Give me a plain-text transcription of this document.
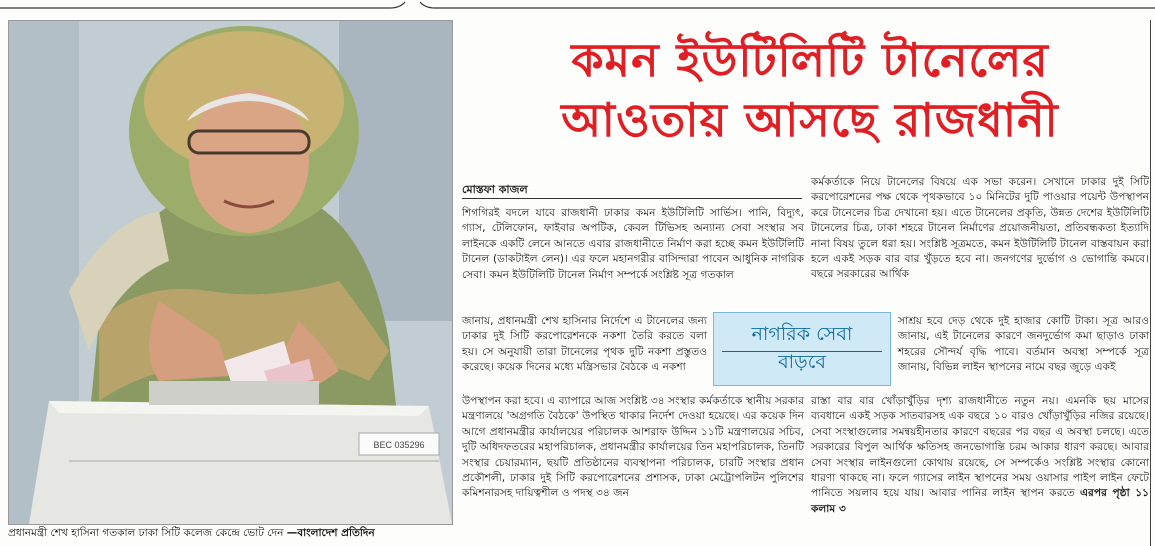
BEC 035296
প্রধানমন্ত্রী শেখ হাসিনা গতকাল ঢাকা সিটি কলেজ কেন্দ্রে ভোট দেন —বাংলাদেশ প্রতিদিন
কমন ইউটিলিটি টানেলের
আওতায় আসছে রাজধানী
মোস্তফা কাজল

শিগগিরই বদলে যাবে রাজধানী ঢাকার কমন ইউটিলিটি সার্ভিস। পানি, বিদ্যুৎ, গ্যাস, টেলিফোন, ফাইবার অপটিক, কেবল টিভিসহ অন্যান্য সেবা সংস্থার সব লাইনকে একটি লেনে আনতে এবার রাজধানীতে নির্মাণ করা হচ্ছে কমন ইউটিলিটি টানেল (ডাকটাইল লেন)। এর ফলে মহানগরীর বাসিন্দারা পাবেন আধুনিক নাগরিক সেবা। কমন ইউটিলিটি টানেল নির্মাণ সম্পর্কে সংশ্লিষ্ট সূত্র গতকাল

জানায়, প্রধানমন্ত্রী শেখ হাসিনার নির্দেশে এ টানেলের জন্য ঢাকার দুই সিটি করপোরেশনকে নকশা তৈরি করতে বলা হয়। সে অনুযায়ী তারা টানেলের পৃথক দুটি নকশা প্রস্তুতও করেছে। কয়েক দিনের মধ্যে মন্ত্রিসভার বৈঠকে এ নকশা

উপস্থাপন করা হবে। এ ব্যাপারে আজ সংশ্লিষ্ট ৩৪ সংস্থার কর্মকর্তাকে স্থানীয় সরকার মন্ত্রণালয়ে 'অগ্রগতি বৈঠকে' উপস্থিত থাকার নির্দেশ দেওয়া হয়েছে। এর কয়েক দিন আগে প্রধানমন্ত্রীর কার্যালয়ের পরিচালক আশরাফ উদ্দিন ১১টি মন্ত্রণালয়ের সচিব, দুটি অধিদফতরের মহাপরিচালক, প্রধানমন্ত্রীর কার্যালয়ের তিন মহাপরিচালক, তিনটি সংস্থার চেয়ারম্যান, ছয়টি প্রতিষ্ঠানের ব্যবস্থাপনা পরিচালক, চারটি সংস্থার প্রধান প্রকৌশলী, ঢাকার দুই সিটি করপোরেশনের প্রশাসক, ঢাকা মেট্রোপলিটন পুলিশের কমিশনারসহ দায়িত্বশীল ও পদস্থ ৩৪ জন

নাগরিক সেবা
বাড়বে

কর্মকর্তাকে নিয়ে টানেলের বিষয়ে এক সভা করেন। সেখানে ঢাকার দুই সিটি করপোরেশনের পক্ষ থেকে পৃথকভাবে ১০ মিনিটের দুটি পাওয়ার পয়েন্ট উপস্থাপন করে টানেলের চিত্র দেখানো হয়। এতে টানেলের প্রকৃতি, উন্নত দেশের ইউটিলিটি টানেলের চিত্র, ঢাকা শহরে টানেল নির্মাণের প্রয়োজনীয়তা, প্রতিবন্ধকতা ইত্যাদি নানা বিষয় তুলে ধরা হয়। সংশ্লিষ্ট সূত্রমতে, কমন ইউটিলিটি টানেল বাস্তবায়ন করা হলে একই সড়ক বার বার খুঁড়তে হবে না। জনগণের দুর্ভোগ ও ভোগান্তি কমবে। বছরে সরকারের আর্থিক

সাশ্রয় হবে দেড় থেকে দুই হাজার কোটি টাকা। সূত্র আরও জানায়, এই টানেলের কারণে জনদুর্ভোগ কমা ছাড়াও ঢাকা শহরের সৌন্দর্য বৃদ্ধি পাবে। বর্তমান অবস্থা সম্পর্কে সূত্র জানায়, বিভিন্ন লাইন স্থাপনের নামে বছর জুড়ে একই

রাস্তা বার বার খোঁড়াখুঁড়ির দৃশ্য রাজধানীতে নতুন নয়। এমনকি ছয় মাসের ব্যবধানে একই সড়ক সাতবারসহ এক বছরে ১০ বারও খোঁড়াখুঁড়ির নজির রয়েছে। সেবা সংস্থাগুলোর সমন্বয়হীনতার কারণে বছরের পর বছর এ অবস্থা চলছে। এতে সরকারের বিপুল আর্থিক ক্ষতিসহ জনভোগান্তি চরম আকার ধারণ করছে। আবার সেবা সংস্থার লাইনগুলো কোথায় রয়েছে, সে সম্পর্কেও সংশ্লিষ্ট সংস্থার কোনো ধারণা থাকছে না। ফলে গ্যাসের লাইন স্থাপনের সময় ওয়াসার পাইপ লাইন ফেটে পানিতে সয়লাব হয়ে যায়। আবার পানির লাইন স্থাপন করতে এরপর পৃষ্ঠা ১১ কলাম ৩
